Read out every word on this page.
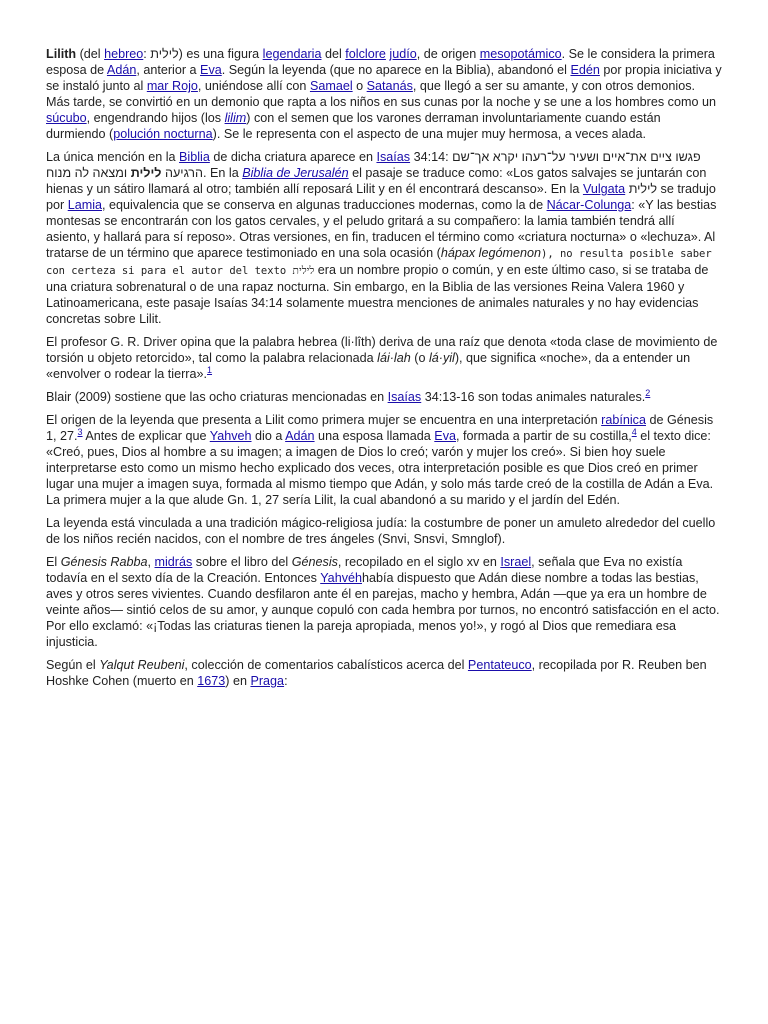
Lilith (del hebreo: לילית) es una figura legendaria del folclore judío, de origen mesopotámico. Se le considera la primera esposa de Adán, anterior a Eva. Según la leyenda (que no aparece en la Biblia), abandonó el Edén por propia iniciativa y se instaló junto al mar Rojo, uniéndose allí con Samael o Satanás, que llegó a ser su amante, y con otros demonios. Más tarde, se convirtió en un demonio que rapta a los niños en sus cunas por la noche y se une a los hombres como un súcubo, engendrando hijos (los lilim) con el semen que los varones derraman involuntariamente cuando están durmiendo (polución nocturna). Se le representa con el aspecto de una mujer muy hermosa, a veces alada.

La única mención en la Biblia de dicha criatura aparece en Isaías 34:14: פגשו ציים את־איים ושעיר על־רעהו יקרא אך־שם הרגיעה לילית ומצאה לה מנוח. En la Biblia de Jerusalén el pasaje se traduce como: «Los gatos salvajes se juntarán con hienas y un sátiro llamará al otro; también allí reposará Lilit y en él encontrará descanso». En la Vulgata לילית se tradujo por Lamia, equivalencia que se conserva en algunas traducciones modernas, como la de Nácar-Colunga: «Y las bestias montesas se encontrarán con los gatos cervales, y el peludo gritará a su compañero: la lamia también tendrá allí asiento, y hallará para sí reposo». Otras versiones, en fin, traducen el término como «criatura nocturna» o «lechuza». Al tratarse de un término que aparece testimoniado en una sola ocasión (hápax legómenon), no resulta posible saber con certeza si para el autor del texto לילית era un nombre propio o común, y en este último caso, si se trataba de una criatura sobrenatural o de una rapaz nocturna. Sin embargo, en la Biblia de las versiones Reina Valera 1960 y Latinoamericana, este pasaje Isaías 34:14 solamente muestra menciones de animales naturales y no hay evidencias concretas sobre Lilit.

El profesor G. R. Driver opina que la palabra hebrea (li·lîth) deriva de una raíz que denota «toda clase de movimiento de torsión u objeto retorcido», tal como la palabra relacionada lái·lah (o lá·yil), que significa «noche», da a entender un «envolver o rodear la tierra».$^1$

Blair (2009) sostiene que las ocho criaturas mencionadas en Isaías 34:13-16 son todas animales naturales.$^2$

El origen de la leyenda que presenta a Lilit como primera mujer se encuentra en una interpretación rabínica de Génesis 1, 27.$^3$ Antes de explicar que Yahveh dio a Adán una esposa llamada Eva, formada a partir de su costilla,$^4$ el texto dice: «Creó, pues, Dios al hombre a su imagen; a imagen de Dios lo creó; varón y mujer los creó». Si bien hoy suele interpretarse esto como un mismo hecho explicado dos veces, otra interpretación posible es que Dios creó en primer lugar una mujer a imagen suya, formada al mismo tiempo que Adán, y solo más tarde creó de la costilla de Adán a Eva. La primera mujer a la que alude Gn. 1, 27 sería Lilit, la cual abandonó a su marido y el jardín del Edén.

La leyenda está vinculada a una tradición mágico-religiosa judía: la costumbre de poner un amuleto alrededor del cuello de los niños recién nacidos, con el nombre de tres ángeles (Snvi, Snsvi, Smnglof).

El Génesis Rabba, midrás sobre el libro del Génesis, recopilado en el siglo xv en Israel, señala que Eva no existía todavía en el sexto día de la Creación. Entonces Yahvéhhabía dispuesto que Adán diese nombre a todas las bestias, aves y otros seres vivientes. Cuando desfilaron ante él en parejas, macho y hembra, Adán —que ya era un hombre de veinte años— sintió celos de su amor, y aunque copuló con cada hembra por turnos, no encontró satisfacción en el acto. Por ello exclamó: «¡Todas las criaturas tienen la pareja apropiada, menos yo!», y rogó al Dios que remediara esa injusticia.

Según el Yalqut Reubeni, colección de comentarios cabalísticos acerca del Pentateuco, recopilada por R. Reuben ben Hoshke Cohen (muerto en 1673) en Praga:
